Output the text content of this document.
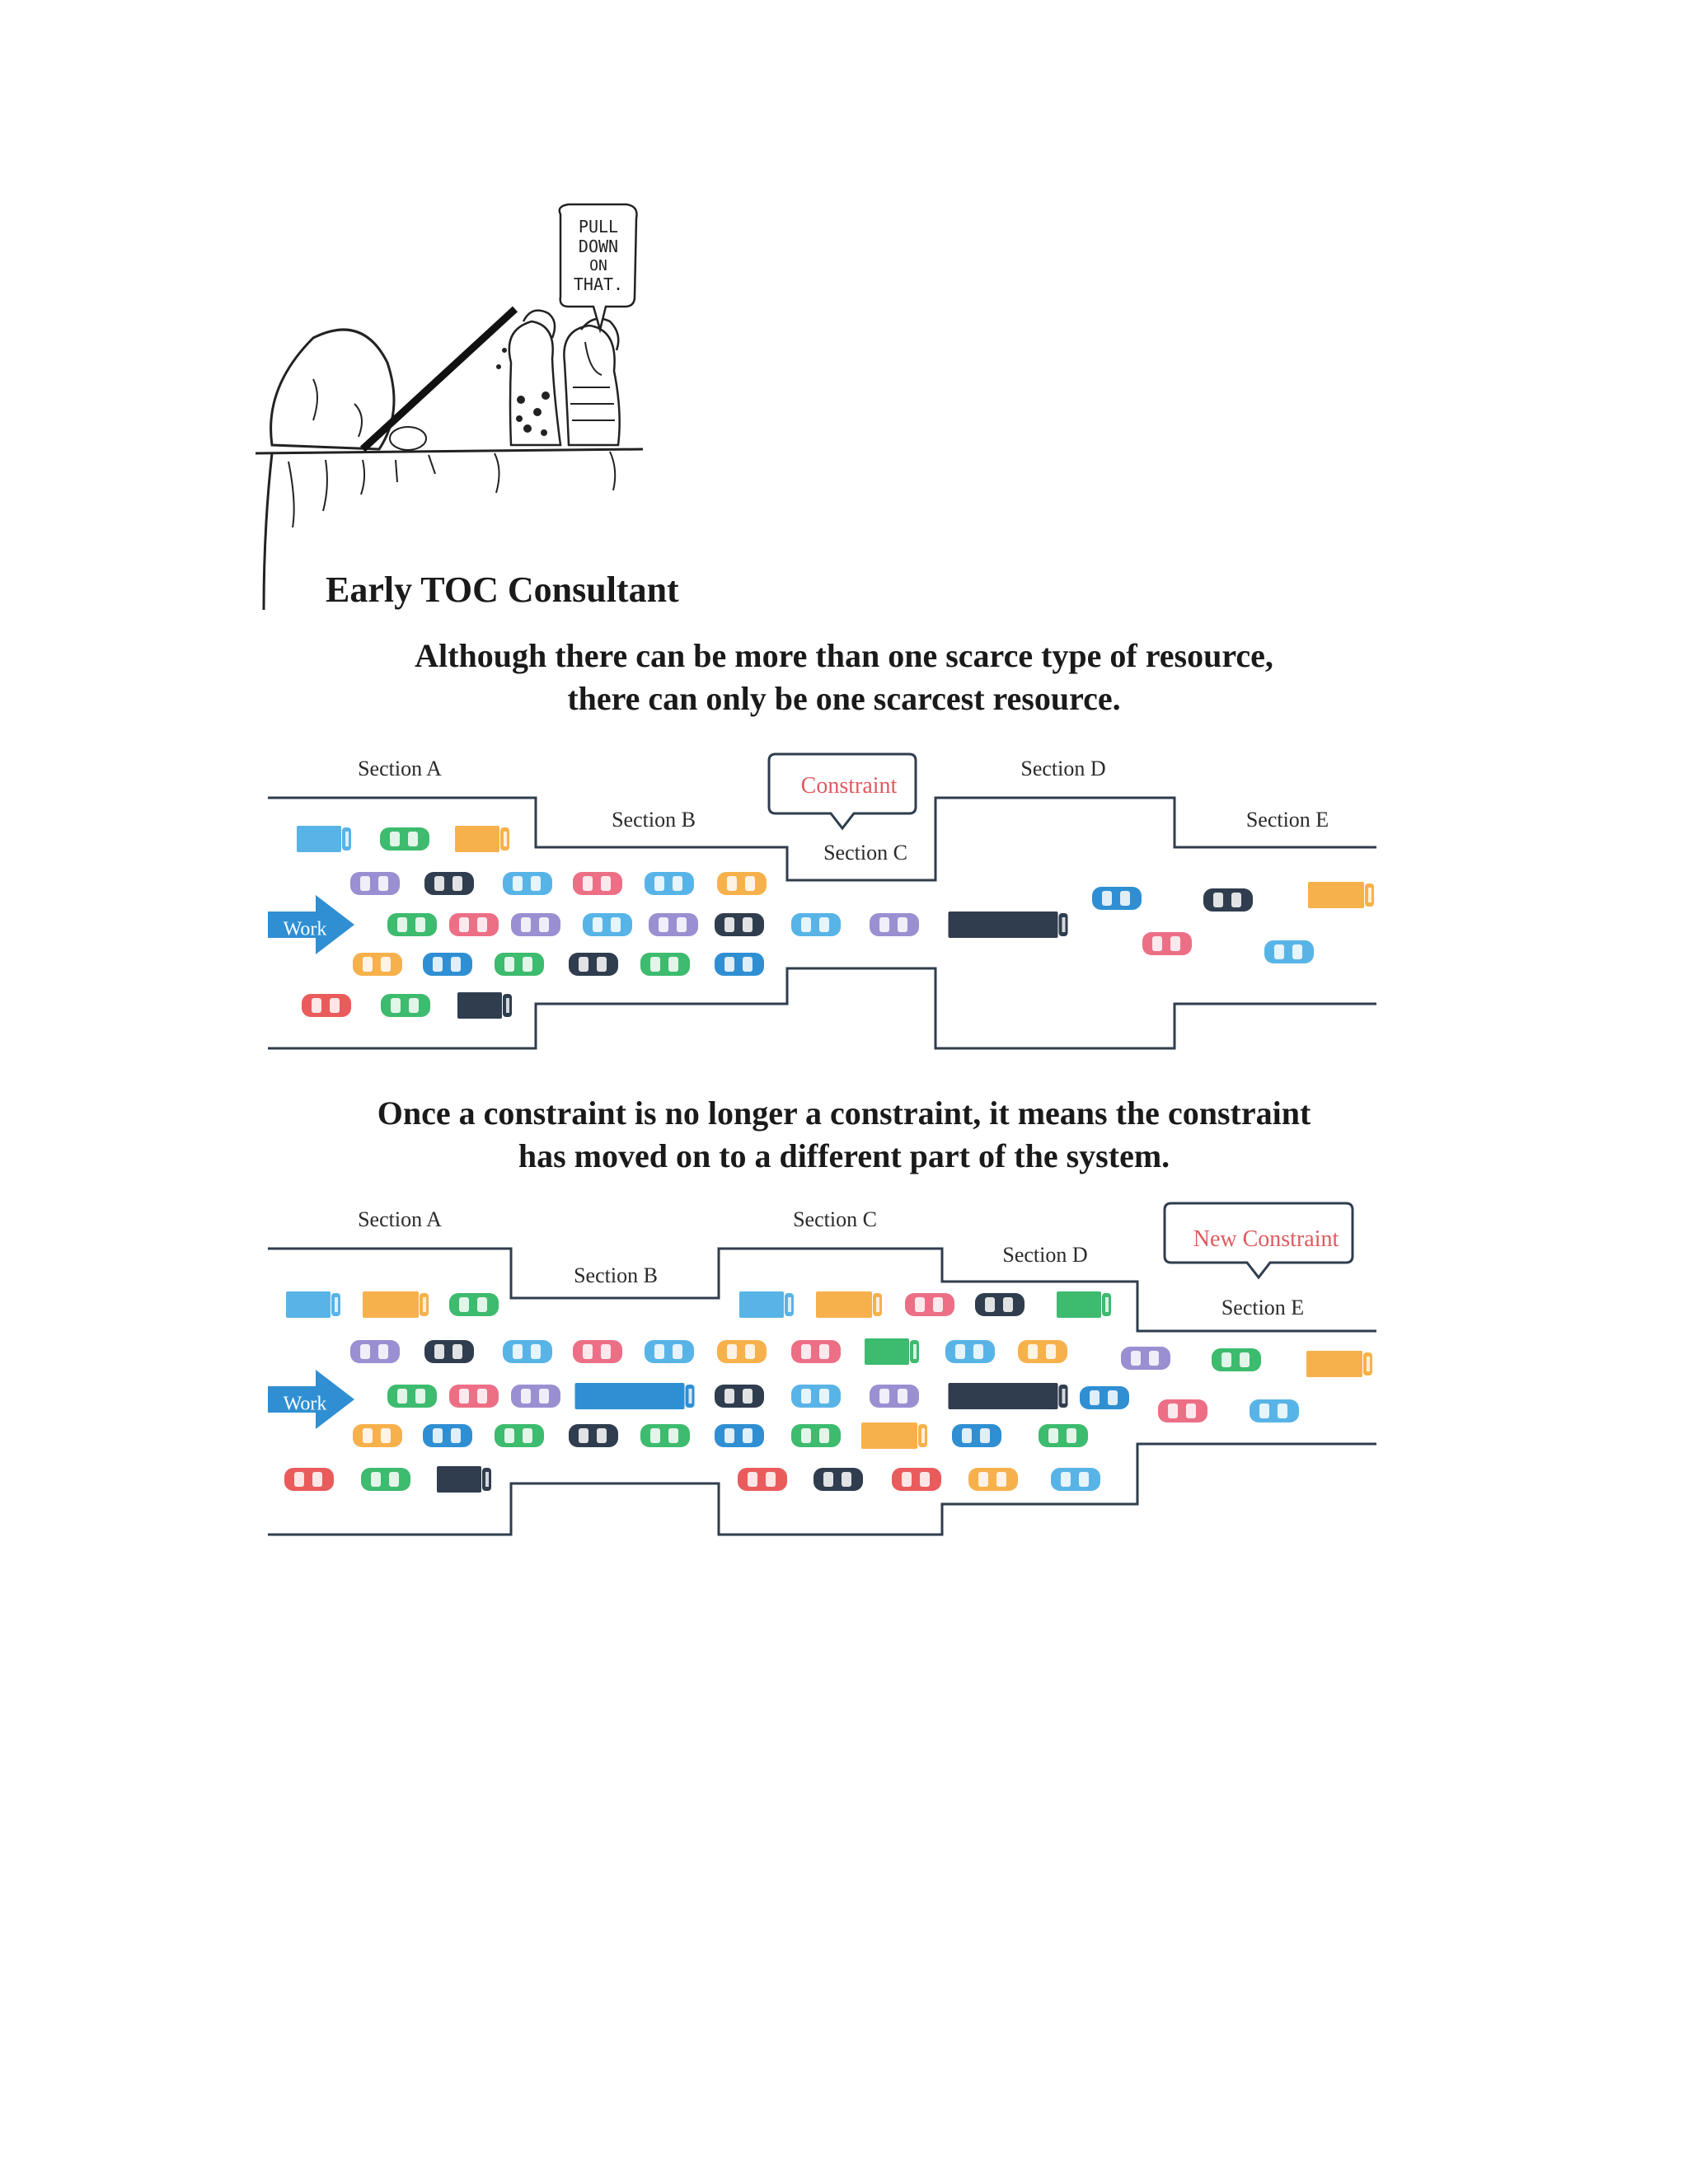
PULL
DOWN
ON
THAT.
Early TOC Consultant
Although there can be more than one scarce type of resource,
there can only be one scarcest resource.
Section A
Section B
Section C
Section D
Section E
Work
Constraint
Once a constraint is no longer a constraint, it means the constraint
has moved on to a different part of the system.
Section A
Section B
Section C
Section D
Section E
Work
New Constraint
